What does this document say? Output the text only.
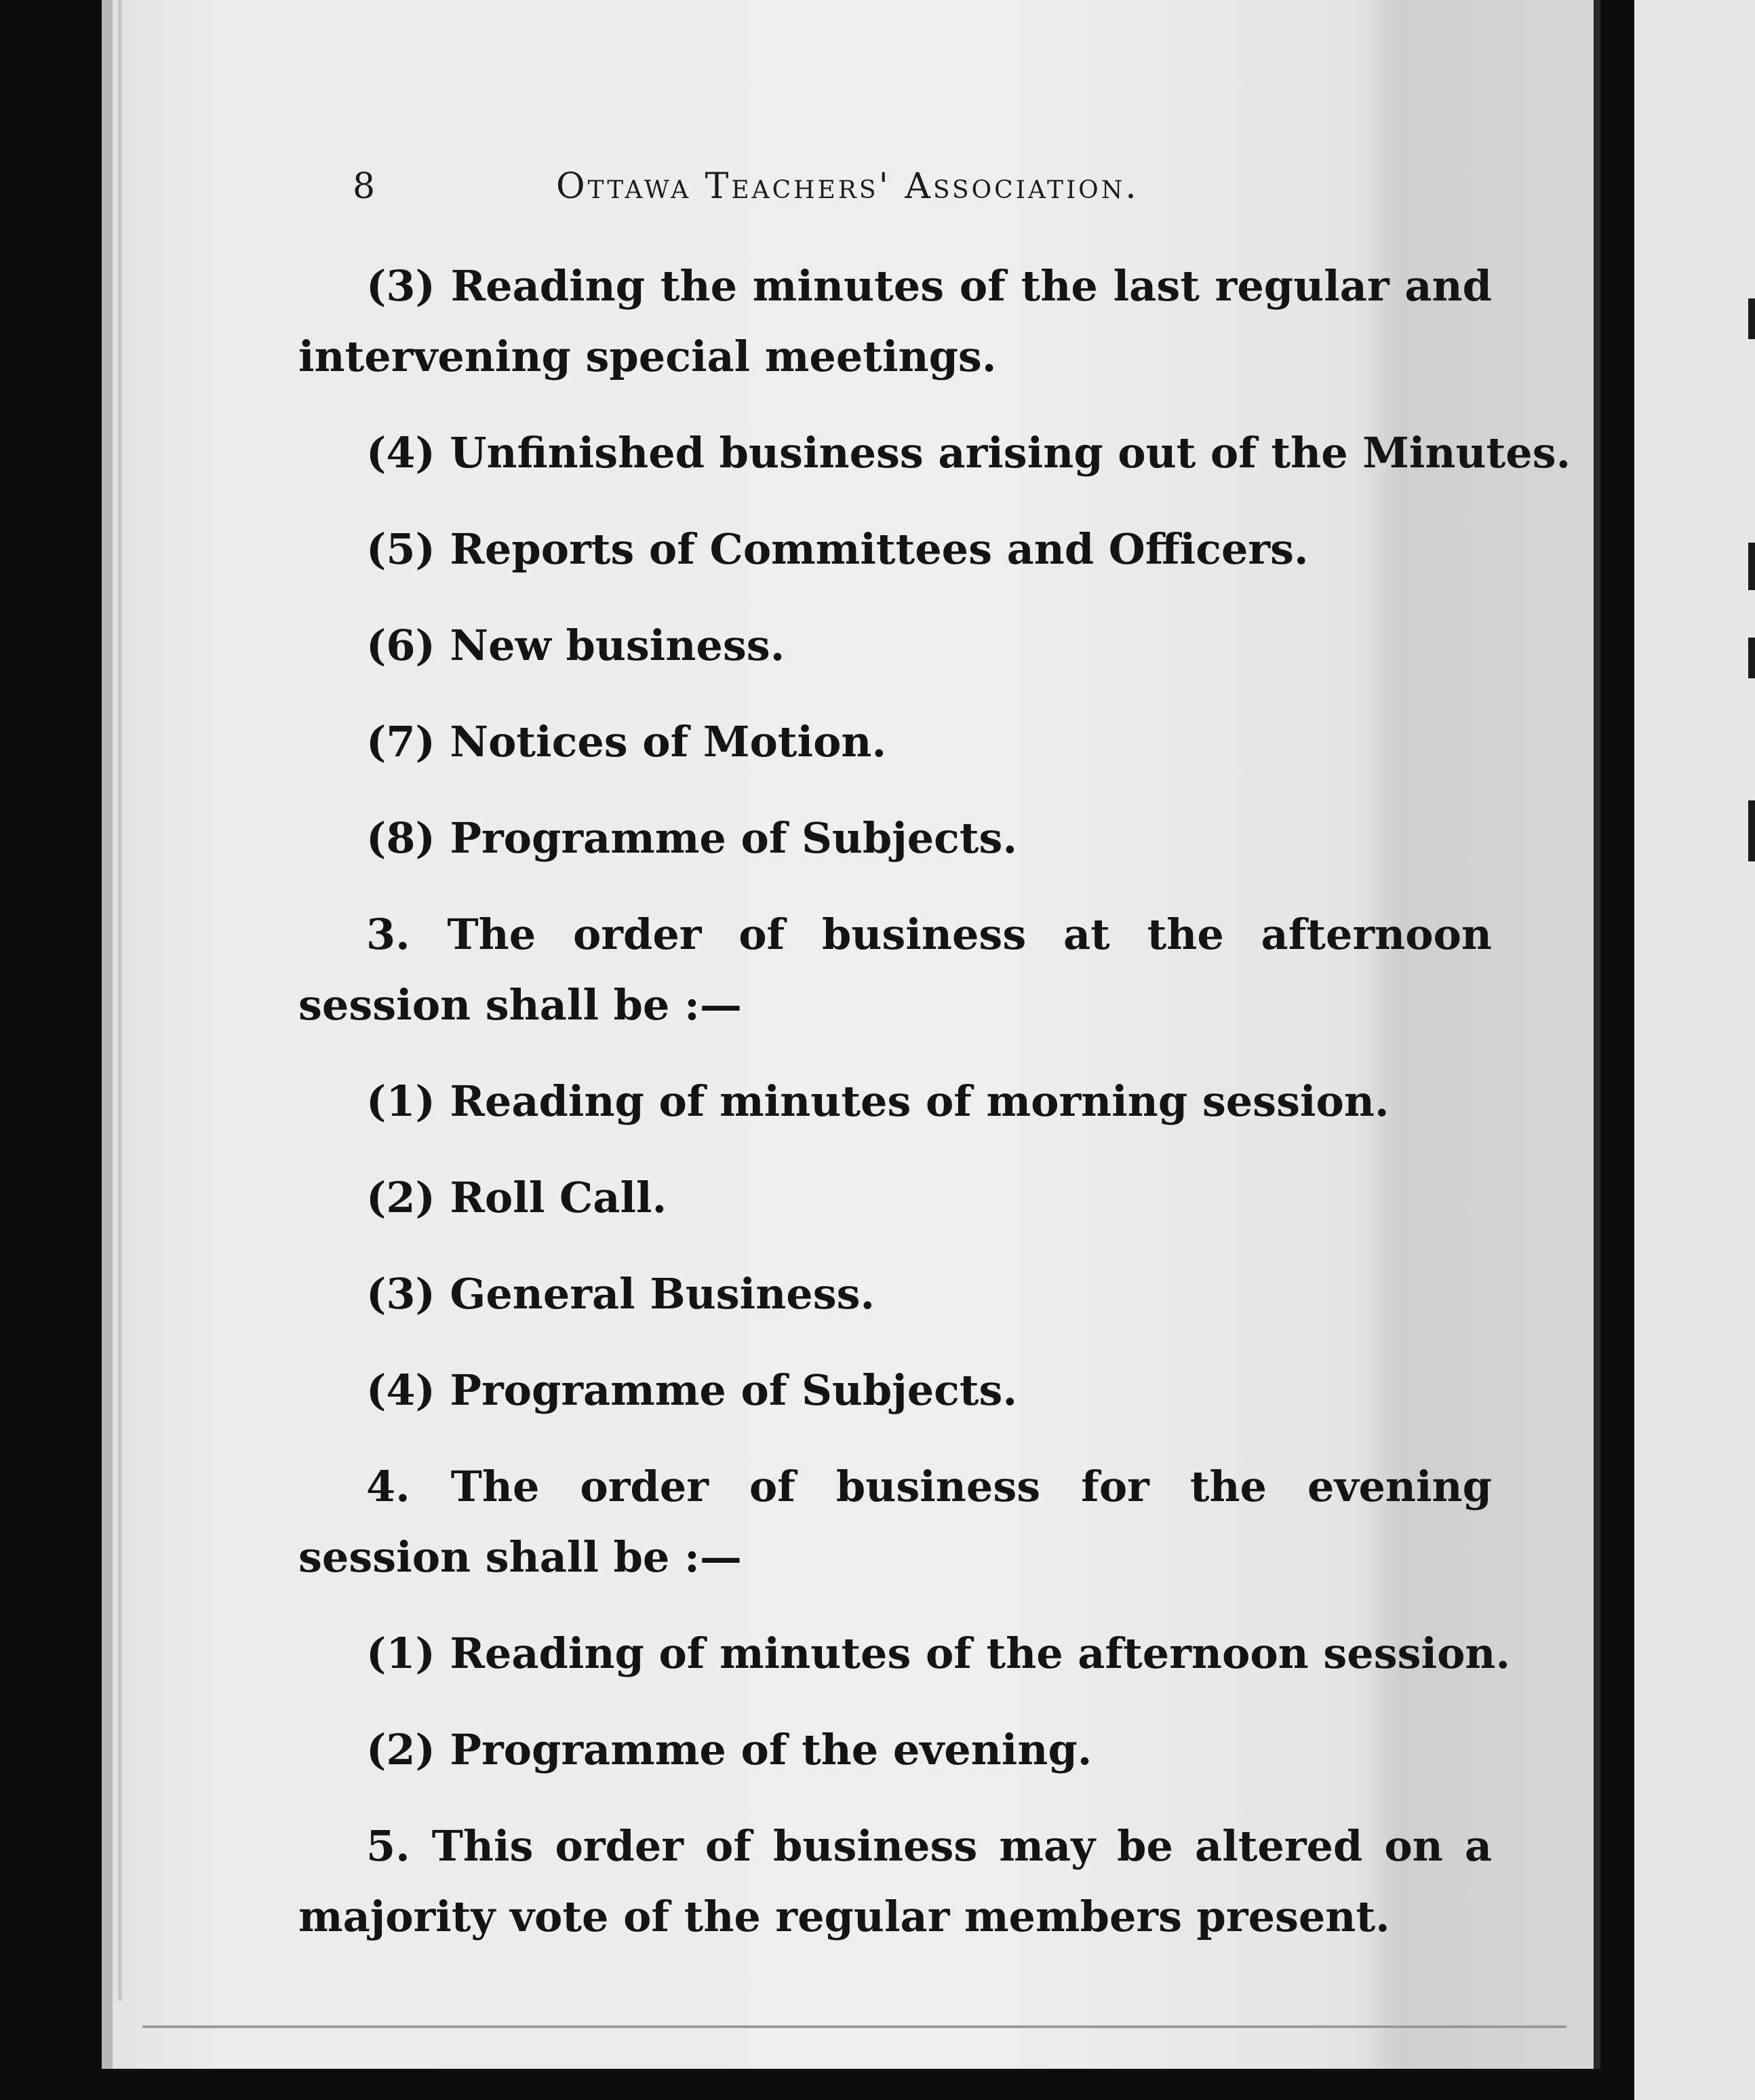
8	Ottawa Teachers' Association.

(3) Reading the minutes of the last regular and intervening special meetings.

(4) Unfinished business arising out of the Minutes.

(5) Reports of Committees and Officers.

(6) New business.

(7) Notices of Motion.

(8) Programme of Subjects.

3. The order of business at the afternoon session shall be :—

(1) Reading of minutes of morning session.

(2) Roll Call.

(3) General Business.

(4) Programme of Subjects.

4. The order of business for the evening session shall be :—

(1) Reading of minutes of the afternoon session.

(2) Programme of the evening.

5. This order of business may be altered on a majority vote of the regular members present.
